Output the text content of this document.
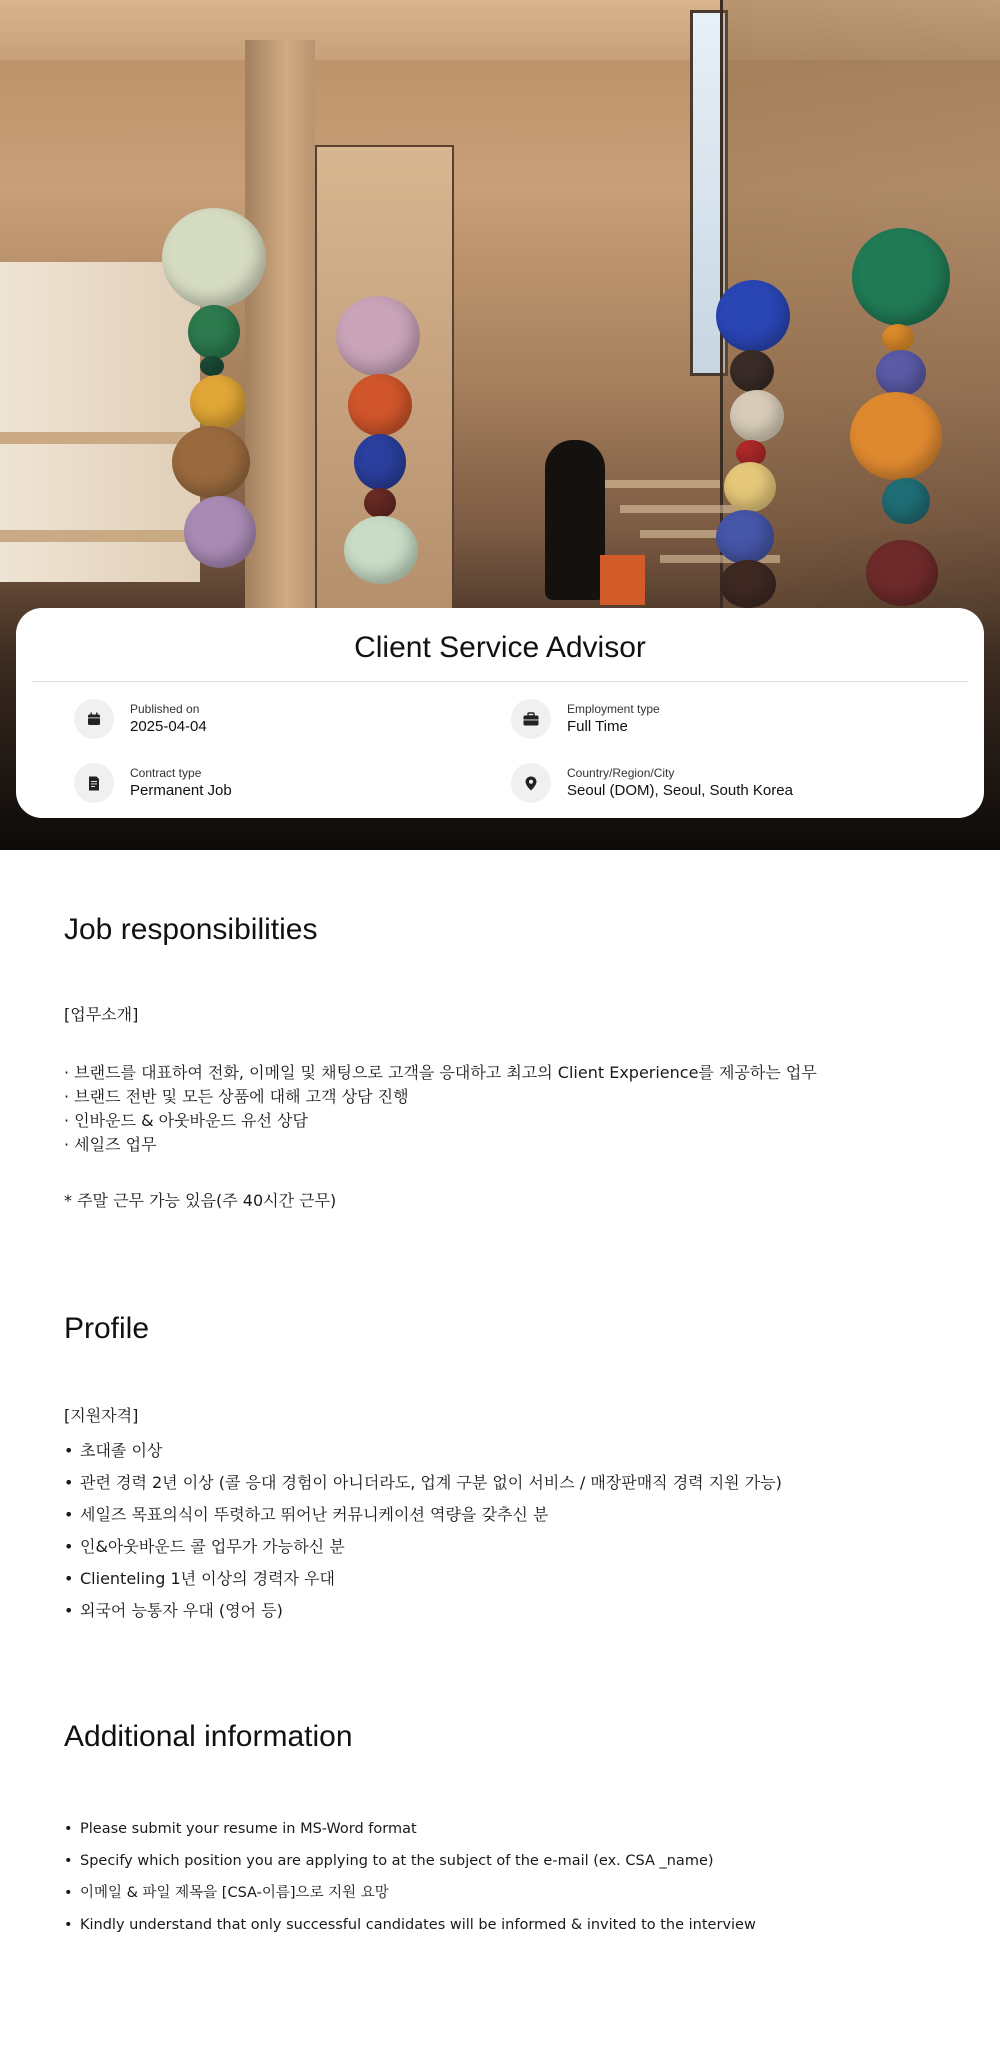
Client Service Advisor
Published on
2025-04-04
Employment type
Full Time
Contract type
Permanent Job
Country/Region/City
Seoul (DOM), Seoul, South Korea
Job responsibilities
[업무소개]
· 브랜드를 대표하여 전화, 이메일 및 채팅으로 고객을 응대하고 최고의 Client Experience를 제공하는 업무
· 브랜드 전반 및 모든 상품에 대해 고객 상담 진행
· 인바운드 & 아웃바운드 유선 상담
· 세일즈 업무
* 주말 근무 가능 있음(주 40시간 근무)
Profile
[지원자격]
• 초대졸 이상
• 관련 경력 2년 이상 (콜 응대 경험이 아니더라도, 업계 구분 없이 서비스 / 매장판매직 경력 지원 가능)
• 세일즈 목표의식이 뚜렷하고 뛰어난 커뮤니케이션 역량을 갖추신 분
• 인&아웃바운드 콜 업무가 가능하신 분
• Clienteling 1년 이상의 경력자 우대
• 외국어 능통자 우대 (영어 등)
Additional information
• Please submit your resume in MS-Word format
• Specify which position you are applying to at the subject of the e-mail (ex. CSA _name)
• 이메일 & 파일 제목을 [CSA-이름]으로 지원 요망
• Kindly understand that only successful candidates will be informed & invited to the interview
